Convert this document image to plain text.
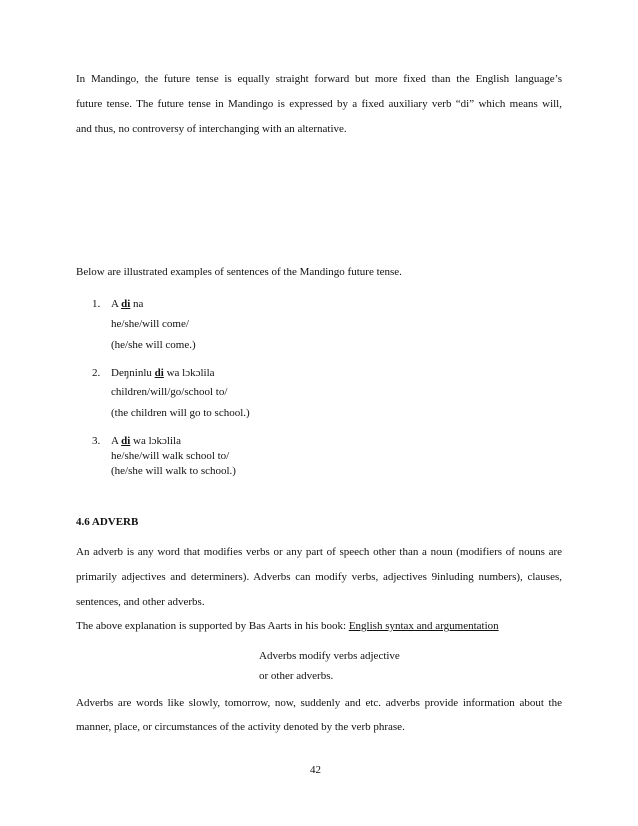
In Mandingo, the future tense is equally straight forward but more fixed than the English language’s
future tense. The future tense in Mandingo is expressed by a fixed auxiliary verb “di” which means will,
and thus, no controversy of interchanging with an alternative.
Below are illustrated examples of sentences of the Mandingo future tense.
1. A di na
he/she/will come/
(he/she will come.)
2. Deŋninlu di wa lɔkɔlila
children/will/go/school to/
(the children will go to school.)
3. A di wa lɔkɔlila
he/she/will walk school to/
(he/she will walk to school.)
4.6 ADVERB
An adverb is any word that modifies verbs or any part of speech other than a noun (modifiers of nouns are
primarily adjectives and determiners). Adverbs can modify verbs, adjectives 9inluding numbers), clauses,
sentences, and other adverbs.
The above explanation is supported by Bas Aarts in his book: English syntax and argumentation
Adverbs modify verbs adjective
or other adverbs.
Adverbs are words like slowly, tomorrow, now, suddenly and etc. adverbs provide information about the
manner, place, or circumstances of the activity denoted by the verb phrase.
42
